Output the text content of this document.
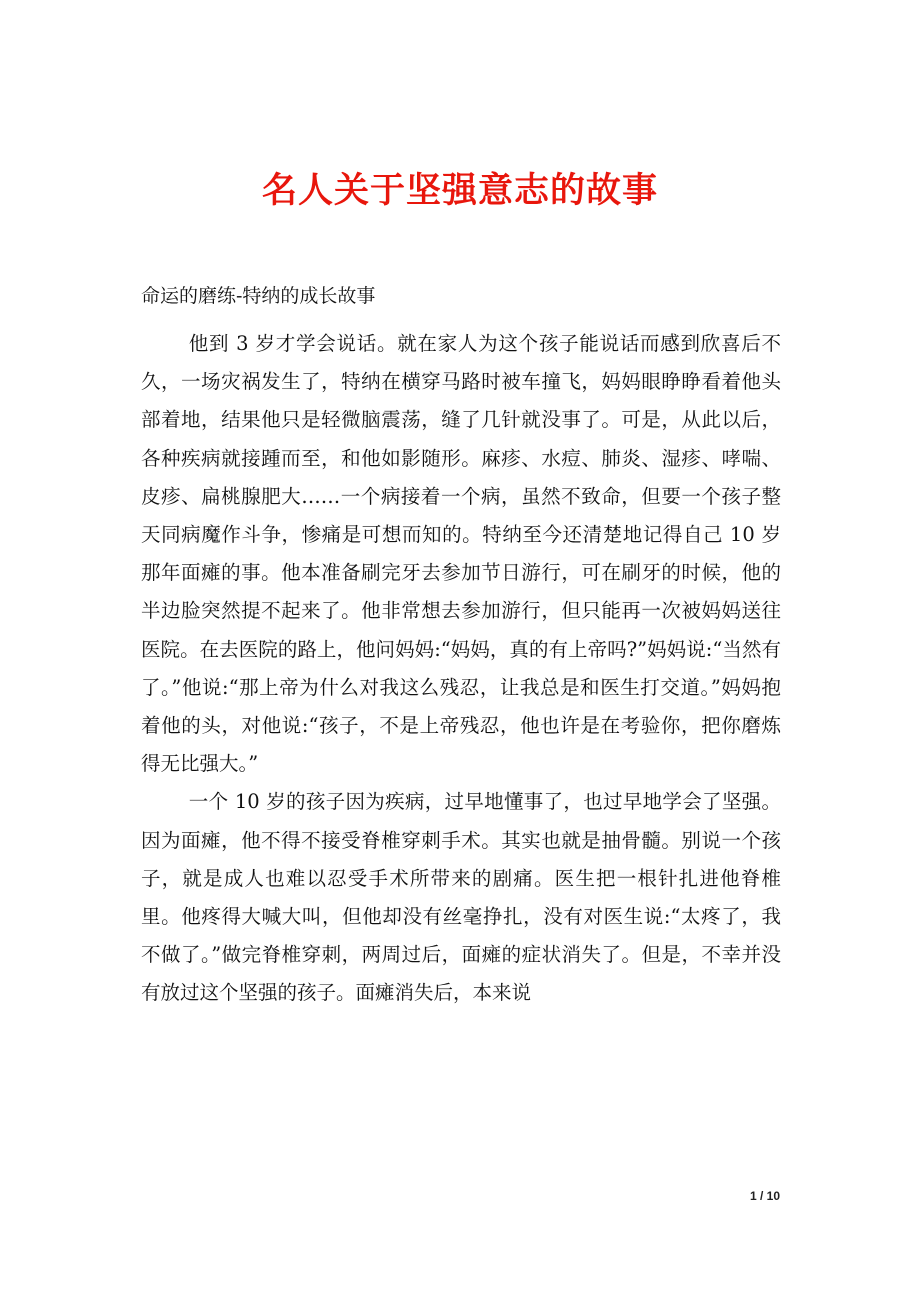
名人关于坚强意志的故事
命运的磨练-特纳的成长故事

他到 3 岁才学会说话。就在家人为这个孩子能说话而感到欣喜后不久，一场灾祸发生了，特纳在横穿马路时被车撞飞，妈妈眼睁睁看着他头部着地，结果他只是轻微脑震荡，缝了几针就没事了。可是，从此以后，各种疾病就接踵而至，和他如影随形。麻疹、水痘、肺炎、湿疹、哮喘、皮疹、扁桃腺肥大……一个病接着一个病，虽然不致命，但要一个孩子整天同病魔作斗争，惨痛是可想而知的。特纳至今还清楚地记得自己 10 岁那年面瘫的事。他本准备刷完牙去参加节日游行，可在刷牙的时候，他的半边脸突然提不起来了。他非常想去参加游行，但只能再一次被妈妈送往医院。在去医院的路上，他问妈妈:“妈妈，真的有上帝吗?”妈妈说:“当然有了。”他说:“那上帝为什么对我这么残忍，让我总是和医生打交道。”妈妈抱着他的头，对他说:“孩子，不是上帝残忍，他也许是在考验你，把你磨炼得无比强大。”

一个 10 岁的孩子因为疾病，过早地懂事了，也过早地学会了坚强。因为面瘫，他不得不接受脊椎穿刺手术。其实也就是抽骨髓。别说一个孩子，就是成人也难以忍受手术所带来的剧痛。医生把一根针扎进他脊椎里。他疼得大喊大叫，但他却没有丝毫挣扎，没有对医生说:“太疼了，我不做了。”做完脊椎穿刺，两周过后，面瘫的症状消失了。但是，不幸并没有放过这个坚强的孩子。面瘫消失后，本来说

1 / 10
